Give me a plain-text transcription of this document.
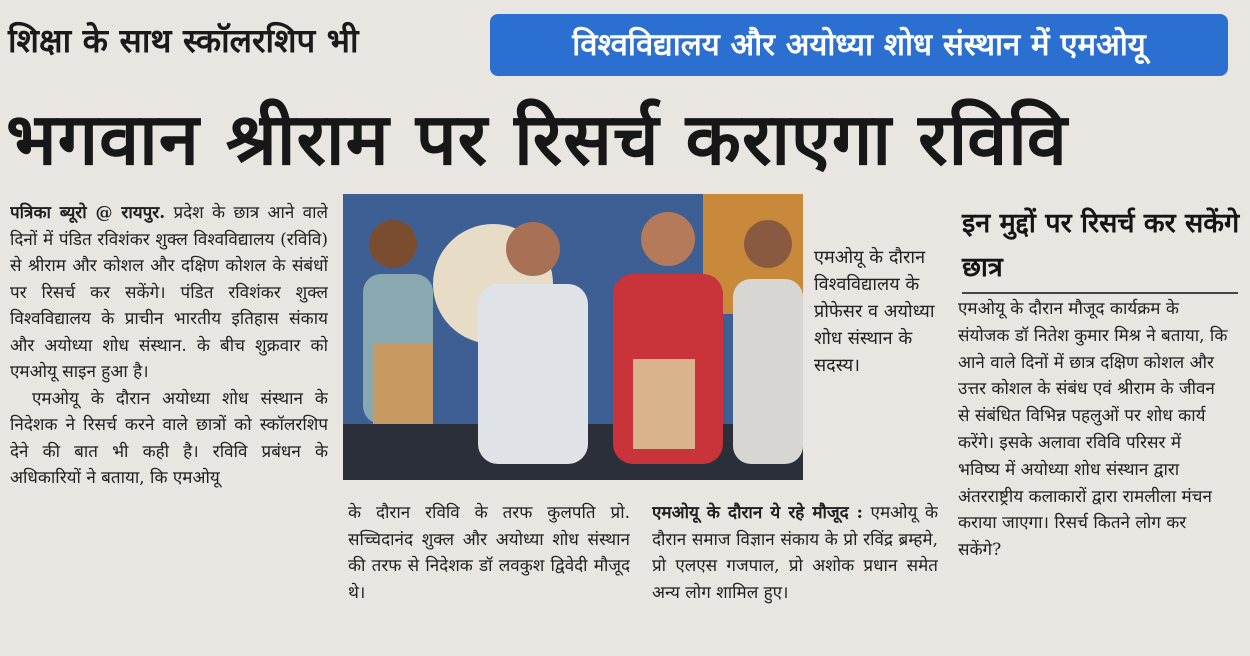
शिक्षा के साथ स्कॉलरशिप भी	विश्वविद्यालय और अयोध्या शोध संस्थान में एमओयू
भगवान श्रीराम पर रिसर्च कराएगा रविवि

पत्रिका ब्यूरो @ रायपुर. प्रदेश के छात्र आने वाले दिनों में पंडित रविशंकर शुक्ल विश्वविद्यालय (रविवि) से श्रीराम और कोशल और दक्षिण कोशल के संबंधों पर रिसर्च कर सकेंगे। पंडित रविशंकर शुक्ल विश्वविद्यालय के प्राचीन भारतीय इतिहास संकाय और अयोध्या शोध संस्थान. के बीच शुक्रवार को एमओयू साइन हुआ है।

एमओयू के दौरान अयोध्या शोध संस्थान के निदेशक ने रिसर्च करने वाले छात्रों को स्कॉलरशिप देने की बात भी कही है। रविवि प्रबंधन के अधिकारियों ने बताया, कि एमओयू

एमओयू के दौरान विश्वविद्यालय के प्रोफेसर व अयोध्या शोध संस्थान के सदस्य।

के दौरान रविवि के तरफ कुलपति प्रो. सच्चिदानंद शुक्ल और अयोध्या शोध संस्थान की तरफ से निदेशक डॉ लवकुश द्विवेदी मौजूद थे।

एमओयू के दौरान ये रहे मौजूद : एमओयू के दौरान समाज विज्ञान संकाय के प्रो रविंद्र ब्रम्हमे, प्रो एलएस गजपाल, प्रो अशोक प्रधान समेत अन्य लोग शामिल हुए।

इन मुद्दों पर रिसर्च कर सकेंगे छात्र
एमओयू के दौरान मौजूद कार्यक्रम के संयोजक डॉ नितेश कुमार मिश्र ने बताया, कि आने वाले दिनों में छात्र दक्षिण कोशल और उत्तर कोशल के संबंध एवं श्रीराम के जीवन से संबंधित विभिन्न पहलुओं पर शोध कार्य करेंगे। इसके अलावा रविवि परिसर में भविष्य में अयोध्या शोध संस्थान द्वारा अंतरराष्ट्रीय कलाकारों द्वारा रामलीला मंचन कराया जाएगा। रिसर्च कितने लोग कर सकेंगे?
